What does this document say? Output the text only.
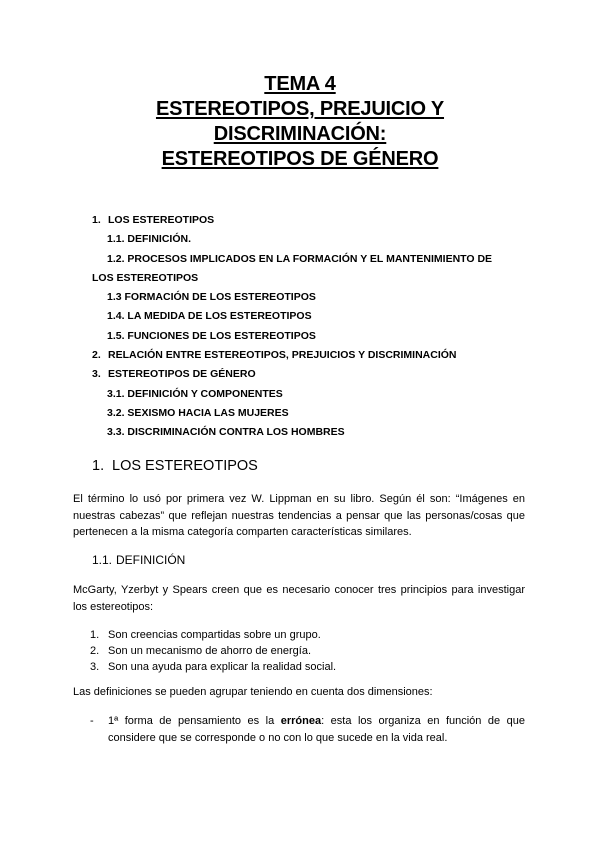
TEMA 4
ESTEREOTIPOS, PREJUICIO Y
DISCRIMINACIÓN:
ESTEREOTIPOS DE GÉNERO
1. LOS ESTEREOTIPOS
1.1. DEFINICIÓN.
1.2. PROCESOS IMPLICADOS EN LA FORMACIÓN Y EL MANTENIMIENTO DE
LOS ESTEREOTIPOS
1.3 FORMACIÓN DE LOS ESTEREOTIPOS
1.4. LA MEDIDA DE LOS ESTEREOTIPOS
1.5. FUNCIONES DE LOS ESTEREOTIPOS
2. RELACIÓN ENTRE ESTEREOTIPOS, PREJUICIOS Y DISCRIMINACIÓN
3. ESTEREOTIPOS DE GÉNERO
3.1. DEFINICIÓN Y COMPONENTES
3.2. SEXISMO HACIA LAS MUJERES
3.3. DISCRIMINACIÓN CONTRA LOS HOMBRES
1. LOS ESTEREOTIPOS
El término lo usó por primera vez W. Lippman en su libro. Según él son: “Imágenes en nuestras cabezas” que reflejan nuestras tendencias a pensar que las personas/cosas que pertenecen a la misma categoría comparten características similares.
1.1. DEFINICIÓN
McGarty, Yzerbyt y Spears creen que es necesario conocer tres principios para investigar los estereotipos:
1. Son creencias compartidas sobre un grupo.
2. Son un mecanismo de ahorro de energía.
3. Son una ayuda para explicar la realidad social.
Las definiciones se pueden agrupar teniendo en cuenta dos dimensiones:
- 1ª forma de pensamiento es la errónea: esta los organiza en función de que considere que se corresponde o no con lo que sucede en la vida real.
